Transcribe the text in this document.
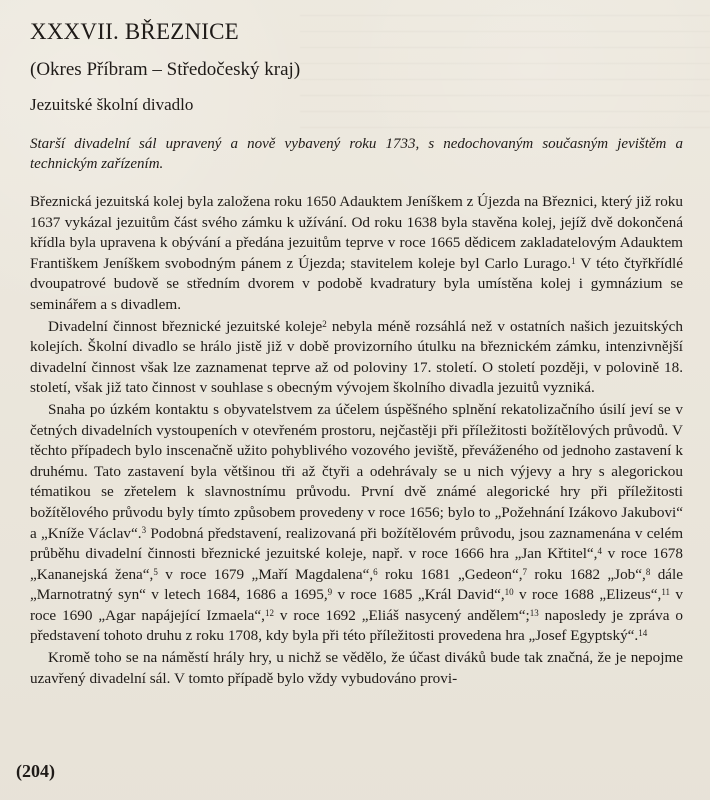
XXXVII. BŘEZNICE
(Okres Příbram – Středočeský kraj)
Jezuitské školní divadlo

Starší divadelní sál upravený a nově vybavený roku 1733, s nedochovaným současným jevištěm a technickým zařízením.

Březnická jezuitská kolej byla založena roku 1650 Adauktem Jeníškem z Újezda na Březnici, který již roku 1637 vykázal jezuitům část svého zámku k užívání. Od roku 1638 byla stavěna kolej, jejíž dvě dokončená křídla byla upravena k obývání a předána jezuitům teprve v roce 1665 dědicem zakladatelovým Adauktem Františkem Jeníškem svobodným pánem z Újezda; stavitelem koleje byl Carlo Lurago.$^1$ V této čtyřkřídlé dvoupatrové budově se středním dvorem v podobě kvadratury byla umístěna kolej i gymnázium se seminářem a s divadlem.

Divadelní činnost březnické jezuitské koleje$^2$ nebyla méně rozsáhlá než v ostatních našich jezuitských kolejích. Školní divadlo se hrálo jistě již v době provizorního útulku na březnickém zámku, intenzivnější divadelní činnost však lze zaznamenat teprve až od poloviny 17. století. O století později, v polovině 18. století, však již tato činnost v souhlase s obecným vývojem školního divadla jezuitů vyzniká.

Snaha po úzkém kontaktu s obyvatelstvem za účelem úspěšného splnění rekatolizačního úsilí jeví se v četných divadelních vystoupeních v otevřeném prostoru, nejčastěji při příležitosti božítělových průvodů. V těchto případech bylo inscenačně užito pohyblivého vozového jeviště, převáženého od jednoho zastavení k druhému. Tato zastavení byla většinou tři až čtyři a odehrávaly se u nich výjevy a hry s alegorickou tématikou se zřetelem k slavnostnímu průvodu. První dvě známé alegorické hry při příležitosti božítělového průvodu byly tímto způsobem provedeny v roce 1656; bylo to „Požehnání Izákovo Jakubovi“ a „Kníže Václav“.$^3$ Podobná představení, realizovaná při božítělovém průvodu, jsou zaznamenána v celém průběhu divadelní činnosti březnické jezuitské koleje, např. v roce 1666 hra „Jan Křtitel“,$^4$ v roce 1678 „Kananejská žena“,$^5$ v roce 1679 „Maří Magdalena“,$^6$ roku 1681 „Gedeon“,$^7$ roku 1682 „Job“,$^8$ dále „Marnotratný syn“ v letech 1684, 1686 a 1695,$^9$ v roce 1685 „Král David“,$^{10}$ v roce 1688 „Elizeus“,$^{11}$ v roce 1690 „Agar napájející Izmaela“,$^{12}$ v roce 1692 „Eliáš nasycený andělem“;$^{13}$ naposledy je zpráva o představení tohoto druhu z roku 1708, kdy byla při této příležitosti provedena hra „Josef Egyptský“.$^{14}$

Kromě toho se na náměstí hrály hry, u nichž se vědělo, že účast diváků bude tak značná, že je nepojme uzavřený divadelní sál. V tomto případě bylo vždy vybudováno provi-

(204)
